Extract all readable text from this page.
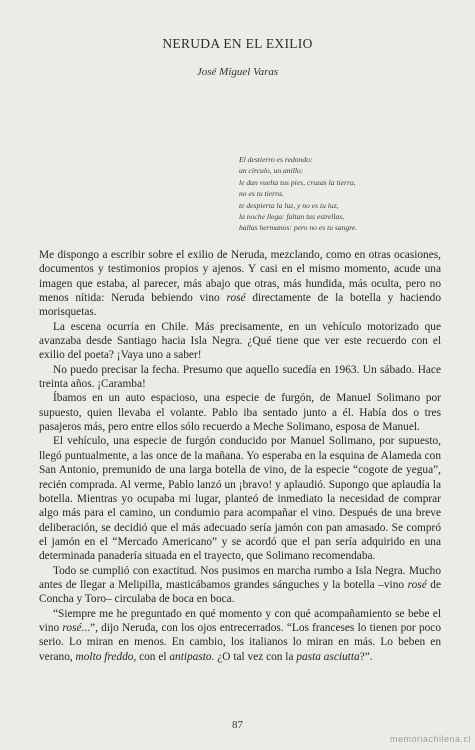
NERUDA EN EL EXILIO
José Miguel Varas
El destierro es redondo:
un círculo, un anillo:
le dan vuelta tus pies, cruzas la tierra,
no es tu tierra,
te despierta la luz, y no es tu luz,
la noche llega: faltan tus estrellas,
hallas hermanos: pero no es tu sangre.

Me dispongo a escribir sobre el exilio de Neruda, mezclando, como en otras ocasiones, documentos y testimonios propios y ajenos. Y casi en el mismo momento, acude una imagen que estaba, al parecer, más abajo que otras, más hundida, más oculta, pero no menos nítida: Neruda bebiendo vino rosé directamente de la botella y haciendo morisquetas.

La escena ocurría en Chile. Más precisamente, en un vehículo motorizado que avanzaba desde Santiago hacia Isla Negra. ¿Qué tiene que ver este recuerdo con el exilio del poeta? ¡Vaya uno a saber!

No puedo precisar la fecha. Presumo que aquello sucedía en 1963. Un sábado. Hace treinta años. ¡Caramba!

Íbamos en un auto espacioso, una especie de furgón, de Manuel Solimano por supuesto, quien llevaba el volante. Pablo iba sentado junto a él. Había dos o tres pasajeros más, pero entre ellos sólo recuerdo a Meche Solimano, esposa de Manuel.

El vehículo, una especie de furgón conducido por Manuel Solimano, por supuesto, llegó puntualmente, a las once de la mañana. Yo esperaba en la esquina de Alameda con San Antonio, premunido de una larga botella de vino, de la especie “cogote de yegua”, recién comprada. Al verme, Pablo lanzó un ¡bravo! y aplaudió. Supongo que aplaudía la botella. Mientras yo ocupaba mi lugar, planteó de inmediato la necesidad de comprar algo más para el camino, un condumio para acompañar el vino. Después de una breve deliberación, se decidió que el más adecuado sería jamón con pan amasado. Se compró el jamón en el “Mercado Americano” y se acordó que el pan sería adquirido en una determinada panadería situada en el trayecto, que Solimano recomendaba.

Todo se cumplió con exactitud. Nos pusimos en marcha rumbo a Isla Negra. Mucho antes de llegar a Melipilla, masticábamos grandes sánguches y la botella –vino rosé de Concha y Toro– circulaba de boca en boca.

“Siempre me he preguntado en qué momento y con qué acompañamiento se bebe el vino rosé...”, dijo Neruda, con los ojos entrecerrados. “Los franceses lo tienen por poco serio. Lo miran en menos. En cambio, los italianos lo miran en más. Lo beben en verano, molto freddo, con el antipasto. ¿O tal vez con la pasta asciutta?”.

87
memoriachilena.cl
